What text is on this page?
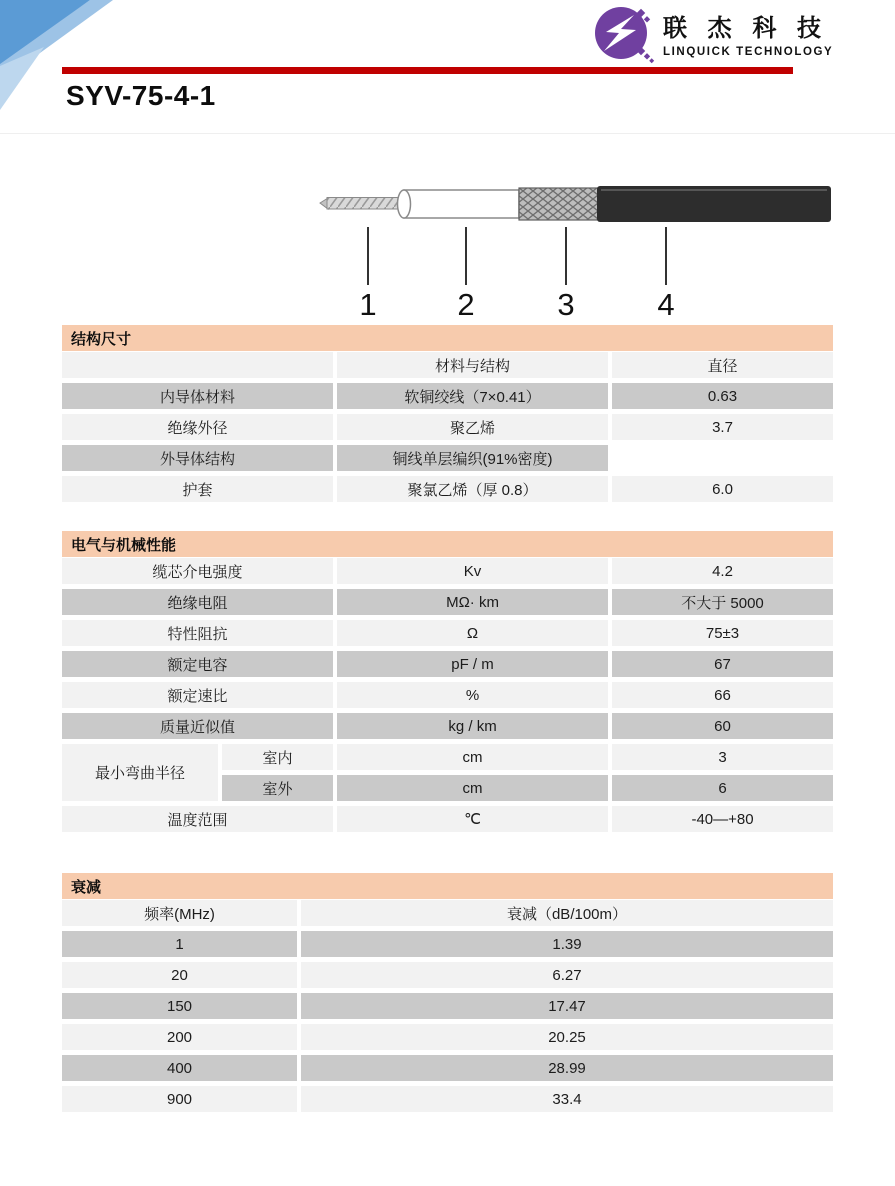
联 杰 科 技
LINQUICK TECHNOLOGY
SYV-75-4-1
1	2	3	4
结构尺寸
	材料与结构	直径
内导体材料	软铜绞线（7×0.41）	0.63
绝缘外径	聚乙烯	3.7
外导体结构	铜线单层编织(91%密度)	
护套	聚氯乙烯（厚 0.8）	6.0
电气与机械性能
缆芯介电强度		Kv	4.2
绝缘电阻		MΩ· km	不大于 5000
特性阻抗		Ω	75±3
额定电容		pF / m	67
额定速比		%	66
质量近似值		kg / km	60
最小弯曲半径	室内	cm	3
	室外	cm	6
温度范围		℃	-40—+80
衰减
频率(MHz)	衰减（dB/100m）
1	1.39
20	6.27
150	17.47
200	20.25
400	28.99
900	33.4
